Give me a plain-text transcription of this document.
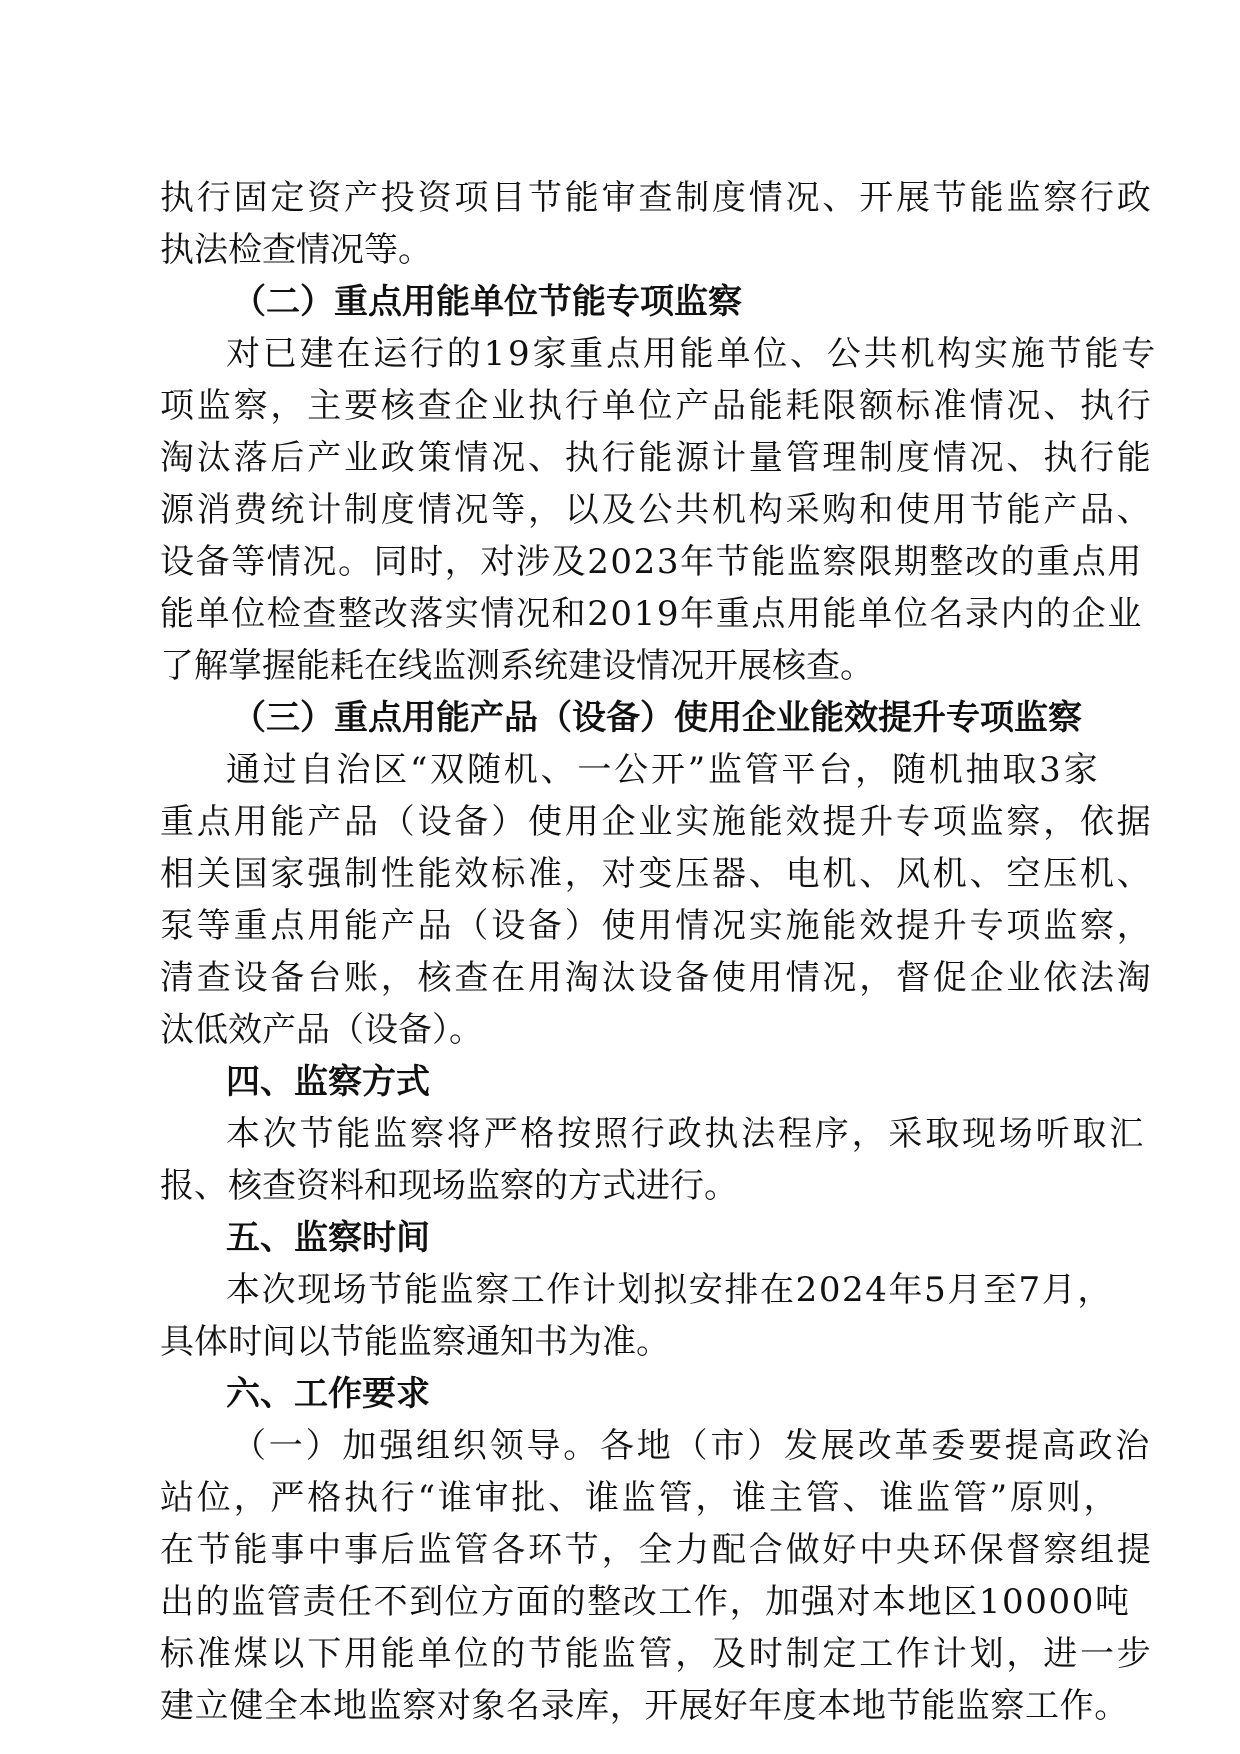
执行固定资产投资项目节能审查制度情况、开展节能监察行政
执法检查情况等。
（二）重点用能单位节能专项监察
对已建在运行的19家重点用能单位、公共机构实施节能专
项监察，主要核查企业执行单位产品能耗限额标准情况、执行
淘汰落后产业政策情况、执行能源计量管理制度情况、执行能
源消费统计制度情况等，以及公共机构采购和使用节能产品、
设备等情况。同时，对涉及2023年节能监察限期整改的重点用
能单位检查整改落实情况和2019年重点用能单位名录内的企业
了解掌握能耗在线监测系统建设情况开展核查。
（三）重点用能产品（设备）使用企业能效提升专项监察
通过自治区“双随机、一公开”监管平台，随机抽取3家
重点用能产品（设备）使用企业实施能效提升专项监察，依据
相关国家强制性能效标准，对变压器、电机、风机、空压机、
泵等重点用能产品（设备）使用情况实施能效提升专项监察，
清查设备台账，核查在用淘汰设备使用情况，督促企业依法淘
汰低效产品（设备）。
四、监察方式
本次节能监察将严格按照行政执法程序，采取现场听取汇
报、核查资料和现场监察的方式进行。
五、监察时间
本次现场节能监察工作计划拟安排在2024年5月至7月，
具体时间以节能监察通知书为准。
六、工作要求
（一）加强组织领导。各地（市）发展改革委要提高政治
站位，严格执行“谁审批、谁监管，谁主管、谁监管”原则，
在节能事中事后监管各环节，全力配合做好中央环保督察组提
出的监管责任不到位方面的整改工作，加强对本地区10000吨
标准煤以下用能单位的节能监管，及时制定工作计划，进一步
建立健全本地监察对象名录库，开展好年度本地节能监察工作。
